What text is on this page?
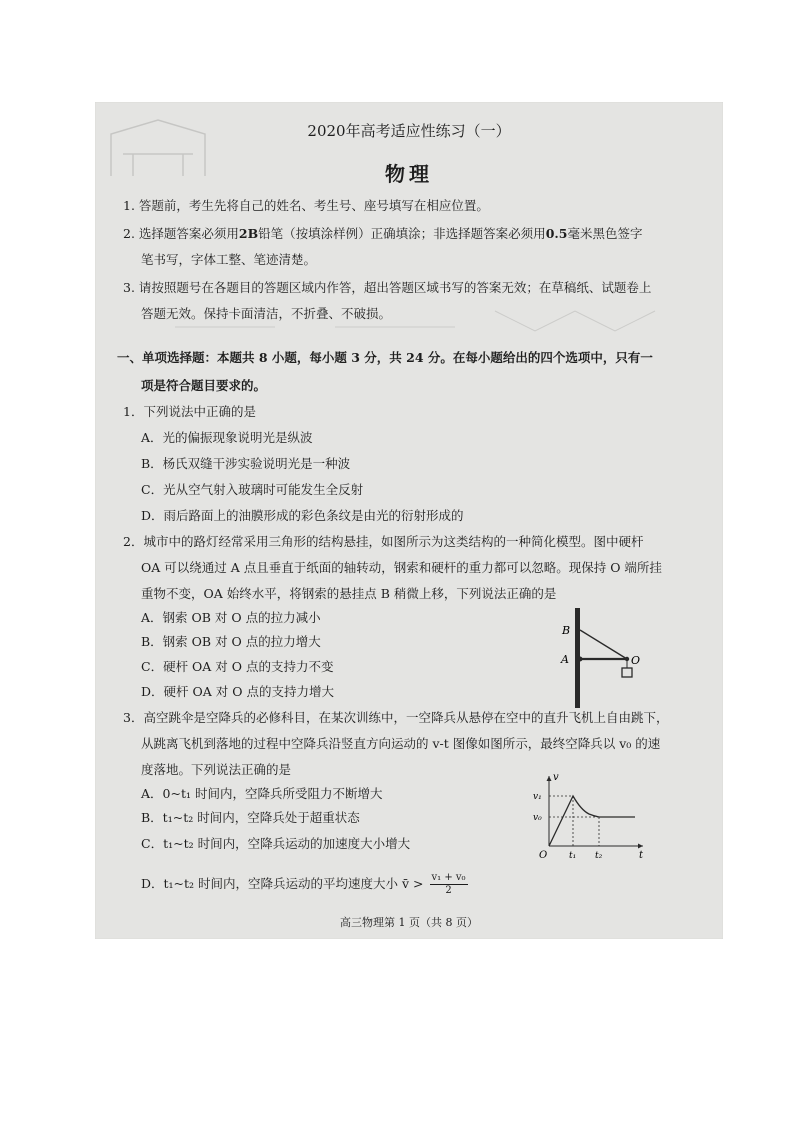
2020年高考适应性练习（一）
物理
1. 答题前，考生先将自己的姓名、考生号、座号填写在相应位置。
2. 选择题答案必须用2B铅笔（按填涂样例）正确填涂；非选择题答案必须用0.5毫米黑色签字
笔书写，字体工整、笔迹清楚。
3. 请按照题号在各题目的答题区域内作答，超出答题区域书写的答案无效；在草稿纸、试题卷上
答题无效。保持卡面清洁，不折叠、不破损。
一、单项选择题：本题共 8 小题，每小题 3 分，共 24 分。在每小题给出的四个选项中，只有一
项是符合题目要求的。
1．下列说法中正确的是
A．光的偏振现象说明光是纵波
B．杨氏双缝干涉实验说明光是一种波
C．光从空气射入玻璃时可能发生全反射
D．雨后路面上的油膜形成的彩色条纹是由光的衍射形成的
2．城市中的路灯经常采用三角形的结构悬挂，如图所示为这类结构的一种简化模型。图中硬杆
OA 可以绕通过 A 点且垂直于纸面的轴转动，钢索和硬杆的重力都可以忽略。现保持 O 端所挂
重物不变，OA 始终水平，将钢索的悬挂点 B 稍微上移，下列说法正确的是
A．钢索 OB 对 O 点的拉力减小
B．钢索 OB 对 O 点的拉力增大
C．硬杆 OA 对 O 点的支持力不变
D．硬杆 OA 对 O 点的支持力增大
B
A	O
3．高空跳伞是空降兵的必修科目，在某次训练中，一空降兵从悬停在空中的直升飞机上自由跳下，
从跳离飞机到落地的过程中空降兵沿竖直方向运动的 v-t 图像如图所示，最终空降兵以 v₀ 的速
度落地。下列说法正确的是
A．0~t₁ 时间内，空降兵所受阻力不断增大
B．t₁~t₂ 时间内，空降兵处于超重状态
C．t₁~t₂ 时间内，空降兵运动的加速度大小增大
D．t₁~t₂ 时间内，空降兵运动的平均速度大小 v̄ > $\frac{\text{v₁ + v₀}}{2}$
v
t
v₁
v₀
O t₁ t₂
高三物理第 1 页（共 8 页）
